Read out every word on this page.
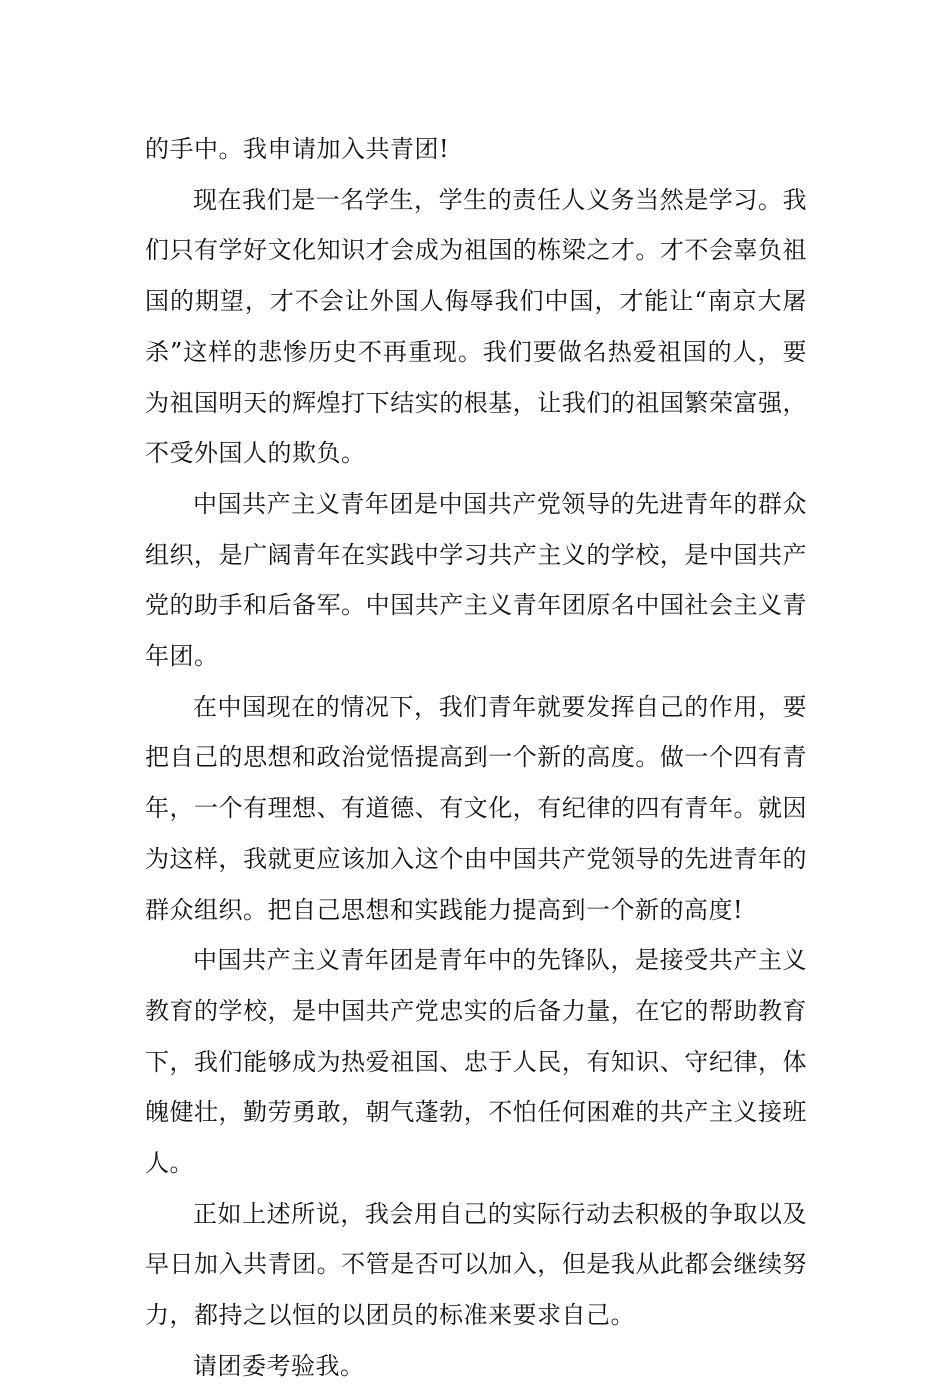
的手中。我申请加入共青团!

现在我们是一名学生，学生的责任人义务当然是学习。我们只有学好文化知识才会成为祖国的栋梁之才。才不会辜负祖国的期望，才不会让外国人侮辱我们中国，才能让“南京大屠杀”这样的悲惨历史不再重现。我们要做名热爱祖国的人，要为祖国明天的辉煌打下结实的根基，让我们的祖国繁荣富强，不受外国人的欺负。

中国共产主义青年团是中国共产党领导的先进青年的群众组织，是广阔青年在实践中学习共产主义的学校，是中国共产党的助手和后备军。中国共产主义青年团原名中国社会主义青年团。

在中国现在的情况下，我们青年就要发挥自己的作用，要把自己的思想和政治觉悟提高到一个新的高度。做一个四有青年，一个有理想、有道德、有文化，有纪律的四有青年。就因为这样，我就更应该加入这个由中国共产党领导的先进青年的群众组织。把自己思想和实践能力提高到一个新的高度!

中国共产主义青年团是青年中的先锋队，是接受共产主义教育的学校，是中国共产党忠实的后备力量，在它的帮助教育下，我们能够成为热爱祖国、忠于人民，有知识、守纪律，体魄健壮，勤劳勇敢，朝气蓬勃，不怕任何困难的共产主义接班人。

正如上述所说，我会用自己的实际行动去积极的争取以及早日加入共青团。不管是否可以加入，但是我从此都会继续努力，都持之以恒的以团员的标准来要求自己。

请团委考验我。
